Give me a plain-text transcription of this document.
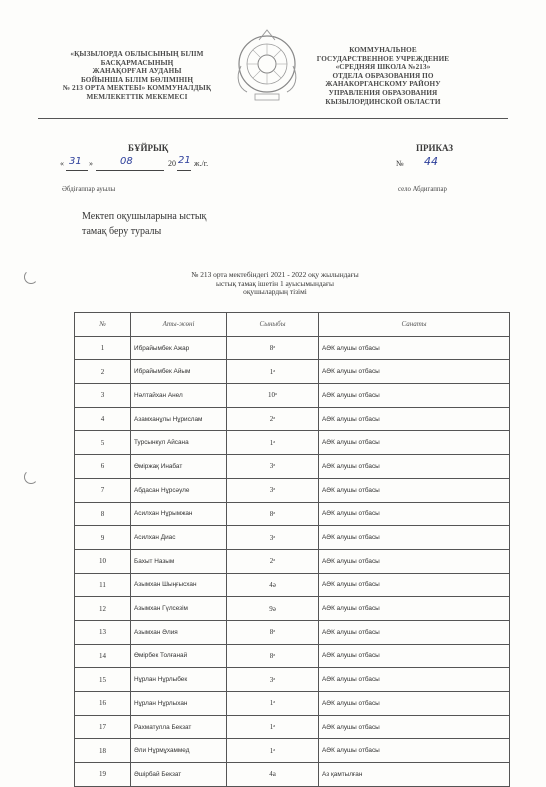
«ҚЫЗЫЛОРДА ОБЛЫСЫНЫҢ БІЛІМ
БАСҚАРМАСЫНЫҢ
ЖАНАҚОРҒАН АУДАНЫ
БОЙЫНША БІЛІМ БӨЛІМІНІҢ
№ 213 ОРТА МЕКТЕБІ» КОММУНАЛДЫҚ
МЕМЛЕКЕТТІК МЕКЕМЕСІ
КОММУНАЛЬНОЕ
ГОСУДАРСТВЕННОЕ УЧРЕЖДЕНИЕ
«СРЕДНЯЯ ШКОЛА №213»
ОТДЕЛА ОБРАЗОВАНИЯ ПО
ЖАНАКОРГАНСКОМУ РАЙОНУ
УПРАВЛЕНИЯ ОБРАЗОВАНИЯ
КЫЗЫЛОРДИНСКОЙ ОБЛАСТИ
БҰЙРЫҚ	ПРИКАЗ
« 31 »	08	20 21 ж./г.	№ 44
Әбдіғаппар ауылы	село Абдигаппар
Мектеп оқушыларына ыстық
тамақ беру туралы
№ 213 орта мектебіндегі 2021 - 2022 оқу жылындағы
ыстық тамақ ішетін 1 ауысымындағы
оқушылардың тізімі
№	Аты-жөні	Сыныбы	Санаты
1	Ибрайымбек Ажар	8ᵃ	АӘК алушы отбасы
2	Ибрайымбек Айым	1ᵃ	АӘК алушы отбасы
3	Нәлтайхан Анел	10ᵃ	АӘК алушы отбасы
4	Азамханұлы Нұрислам	2ᵃ	АӘК алушы отбасы
5	Турсынкул Айсана	1ᵃ	АӘК алушы отбасы
6	Өміржақ Инабат	3ᵃ	АӘК алушы отбасы
7	Абдасан Нұрсәуле	3ᵃ	АӘК алушы отбасы
8	Асилхан Нұрымжан	8ᵃ	АӘК алушы отбасы
9	Асилхан Диас	3ᵃ	АӘК алушы отбасы
10	Бахыт Назым	2ᵃ	АӘК алушы отбасы
11	Азымхан Шыңғысхан	4ә	АӘК алушы отбасы
12	Азымхан Гүлсезім	9ә	АӘК алушы отбасы
13	Азымхан Әлия	8ᵃ	АӘК алушы отбасы
14	Өмірбек Толғанай	8ᵃ	АӘК алушы отбасы
15	Нұрлан Нұрлыбек	3ᵃ	АӘК алушы отбасы
16	Нұрлан Нұрлыхан	1ᵃ	АӘК алушы отбасы
17	Рахматулла Бекзат	1ᵃ	АӘК алушы отбасы
18	Әли Нұрмұхаммед	1ᵃ	АӘК алушы отбасы
19	Әшірбай Бекзат	4а	Аз қамтылған
